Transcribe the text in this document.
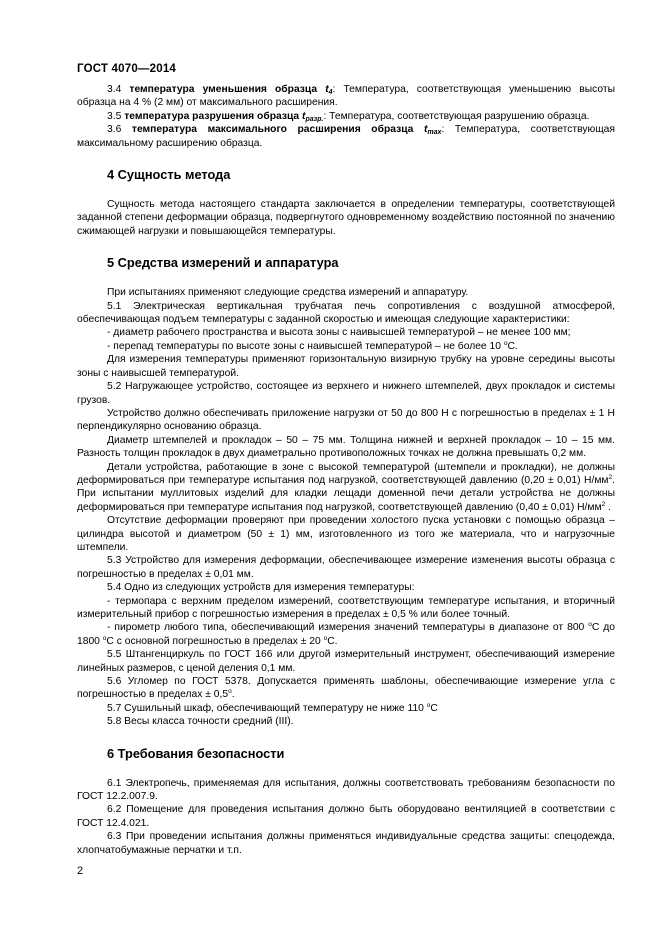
ГОСТ 4070—2014

3.4 температура уменьшения образца $t_4$: Температура, соответствующая уменьшению высоты образца на 4 % (2 мм) от максимального расширения.

3.5 температура разрушения образца $t_{разр.}$: Температура, соответствующая разрушению образца.

3.6 температура максимального расширения образца $t_{max}$: Температура, соответствующая максимальному расширению образца.

4 Сущность метода

Сущность метода настоящего стандарта заключается в определении температуры, соответствующей заданной степени деформации образца, подвергнутого одновременному воздействию постоянной по значению сжимающей нагрузки и повышающейся температуры.

5 Средства измерений и аппаратура

При испытаниях применяют следующие средства измерений и аппаратуру.

5.1 Электрическая вертикальная трубчатая печь сопротивления с воздушной атмосферой, обеспечивающая подъем температуры с заданной скоростью и имеющая следующие характеристики:

- диаметр рабочего пространства и высота зоны с наивысшей температурой – не менее 100 мм;

- перепад температуры по высоте зоны с наивысшей температурой – не более 10 $^o$С.

Для измерения температуры применяют горизонтальную визирную трубку на уровне середины высоты зоны с наивысшей температурой.

5.2 Нагружающее устройство, состоящее из верхнего и нижнего штемпелей, двух прокладок и системы грузов.

Устройство должно обеспечивать приложение нагрузки от 50 до 800 Н с погрешностью в пределах ± 1 Н перпендикулярно основанию образца.

Диаметр штемпелей и прокладок – 50 – 75 мм. Толщина нижней и верхней прокладок – 10 – 15 мм. Разность толщин прокладок в двух диаметрально противоположных точках не должна превышать 0,2 мм.

Детали устройства, работающие в зоне с высокой температурой (штемпели и прокладки), не должны деформироваться при температуре испытания под нагрузкой, соответствующей давлению (0,20 ± 0,01) $Н/мм^2$. При испытании муллитовых изделий для кладки лещади доменной печи детали устройства не должны деформироваться при температуре испытания под нагрузкой, соответствующей давлению (0,40 ± 0,01) $Н/мм^2$ .

Отсутствие деформации проверяют при проведении холостого пуска установки с помощью образца – цилиндра высотой и диаметром (50 ± 1) мм, изготовленного из того же материала, что и нагрузочные штемпели.

5.3 Устройство для измерения деформации, обеспечивающее измерение изменения высоты образца с погрешностью в пределах ± 0,01 мм.

5.4 Одно из следующих устройств для измерения температуры:

- термопара с верхним пределом измерений, соответствующим температуре испытания, и вторичный измерительный прибор с погрешностью измерения в пределах ± 0,5 % или более точный.

- пирометр любого типа, обеспечивающий измерения значений температуры в диапазоне от 800 $^о$С до 1800 $^о$С с основной погрешностью в пределах ± 20 $^о$С.

5.5 Штангенциркуль по ГОСТ 166 или другой измерительный инструмент, обеспечивающий измерение линейных размеров, с ценой деления 0,1 мм.

5.6 Угломер по ГОСТ 5378. Допускается применять шаблоны, обеспечивающие измерение угла с погрешностью в пределах ± $0,5^о$.

5.7 Сушильный шкаф, обеспечивающий температуру не ниже 110 $^о$С

5.8 Весы класса точности средний (III).

6 Требования безопасности

6.1 Электропечь, применяемая для испытания, должны соответствовать требованиям безопасности по ГОСТ 12.2.007.9.

6.2 Помещение для проведения испытания должно быть оборудовано вентиляцией в соответствии с ГОСТ 12.4.021.

6.3 При проведении испытания должны применяться индивидуальные средства защиты: спецодежда, хлопчатобумажные перчатки и т.п.

2
